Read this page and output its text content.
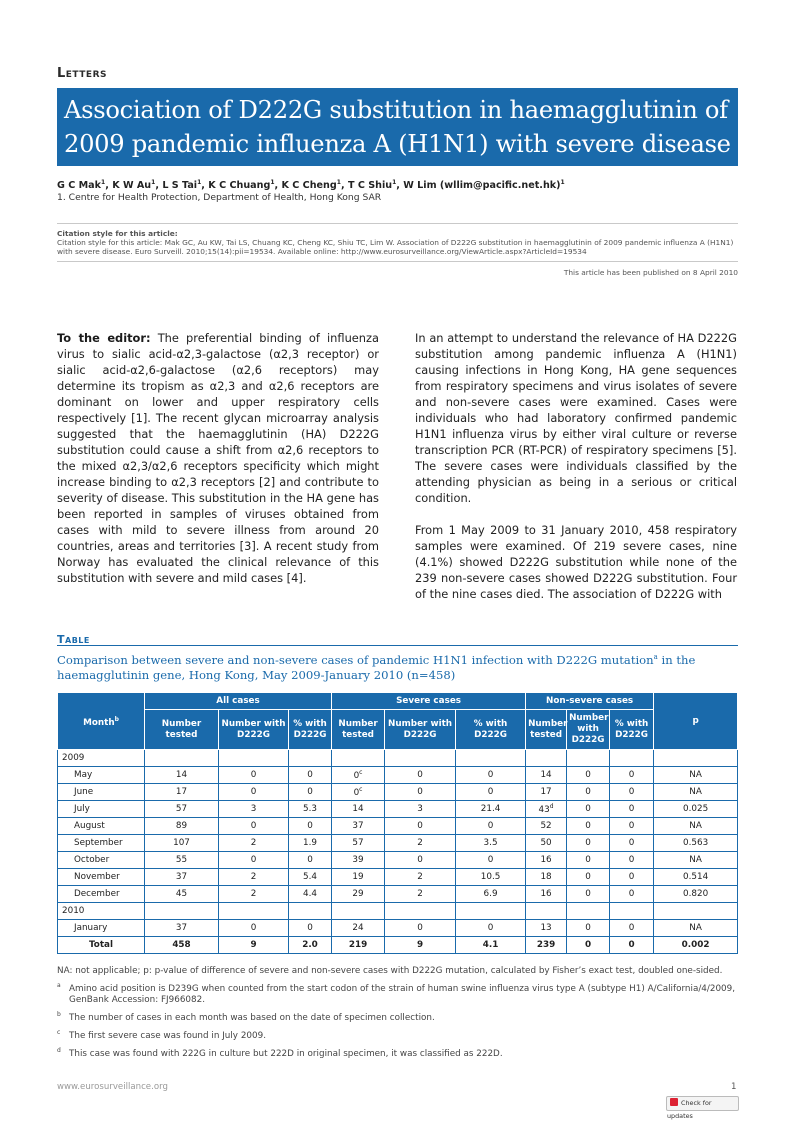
Letters
Association of D222G substitution in haemagglutinin of 2009 pandemic influenza A (H1N1) with severe disease
G C Mak$^1$, K W Au$^1$, L S Tai$^1$, K C Chuang$^1$, K C Cheng$^1$, T C Shiu$^1$, W Lim (wllim@pacific.net.hk)$^1$
1. Centre for Health Protection, Department of Health, Hong Kong SAR
Citation style for this article:
Citation style for this article: Mak GC, Au KW, Tai LS, Chuang KC, Cheng KC, Shiu TC, Lim W. Association of D222G substitution in haemagglutinin of 2009 pandemic influenza A (H1N1) with severe disease. Euro Surveill. 2010;15(14):pii=19534. Available online: http://www.eurosurveillance.org/ViewArticle.aspx?ArticleId=19534
This article has been published on 8 April 2010

To the editor: The preferential binding of influenza virus to sialic acid-α2,3-galactose (α2,3 receptor) or sialic acid-α2,6-galactose (α2,6 receptors) may determine its tropism as α2,3 and α2,6 receptors are dominant on lower and upper respiratory cells respectively [1]. The recent glycan microarray analysis suggested that the haemagglutinin (HA) D222G substitution could cause a shift from α2,6 receptors to the mixed α2,3/α2,6 receptors specificity which might increase binding to α2,3 receptors [2] and contribute to severity of disease. This substitution in the HA gene has been reported in samples of viruses obtained from cases with mild to severe illness from around 20 countries, areas and territories [3]. A recent study from Norway has evaluated the clinical relevance of this substitution with severe and mild cases [4].

In an attempt to understand the relevance of HA D222G substitution among pandemic influenza A (H1N1) causing infections in Hong Kong, HA gene sequences from respiratory specimens and virus isolates of severe and non-severe cases were examined. Cases were individuals who had laboratory confirmed pandemic H1N1 influenza virus by either viral culture or reverse transcription PCR (RT-PCR) of respiratory specimens [5]. The severe cases were individuals classified by the attending physician as being in a serious or critical condition.

From 1 May 2009 to 31 January 2010, 458 respiratory samples were examined. Of 219 severe cases, nine (4.1%) showed D222G substitution while none of the 239 non-severe cases showed D222G substitution. Four of the nine cases died. The association of D222G with

Table
Comparison between severe and non-severe cases of pandemic H1N1 infection with D222G mutation$^a$ in the haemagglutinin gene, Hong Kong, May 2009-January 2010 (n=458)
Month$^b$	All cases			Severe cases			Non-severe cases			p
	Number tested	Number with D222G	% with D222G	Number tested	Number with D222G	% with D222G	Number tested	Number with D222G	% with D222G	
2009										
May	14	0	0	0$^c$	0	0	14	0	0	NA
June	17	0	0	0$^c$	0	0	17	0	0	NA
July	57	3	5.3	14	3	21.4	43$^d$	0	0	0.025
August	89	0	0	37	0	0	52	0	0	NA
September	107	2	1.9	57	2	3.5	50	0	0	0.563
October	55	0	0	39	0	0	16	0	0	NA
November	37	2	5.4	19	2	10.5	18	0	0	0.514
December	45	2	4.4	29	2	6.9	16	0	0	0.820
2010										
January	37	0	0	24	0	0	13	0	0	NA
Total	458	9	2.0	219	9	4.1	239	0	0	0.002
NA: not applicable; p: p-value of difference of severe and non-severe cases with D222G mutation, calculated by Fisher’s exact test, doubled one-sided.
$^a$ Amino acid position is D239G when counted from the start codon of the strain of human swine influenza virus type A (subtype H1) A/California/4/2009, GenBank Accession: FJ966082.
$^b$ The number of cases in each month was based on the date of specimen collection.
$^c$ The first severe case was found in July 2009.
$^d$ This case was found with 222G in culture but 222D in original specimen, it was classified as 222D.
www.eurosurveillance.org	1
Check for updates
